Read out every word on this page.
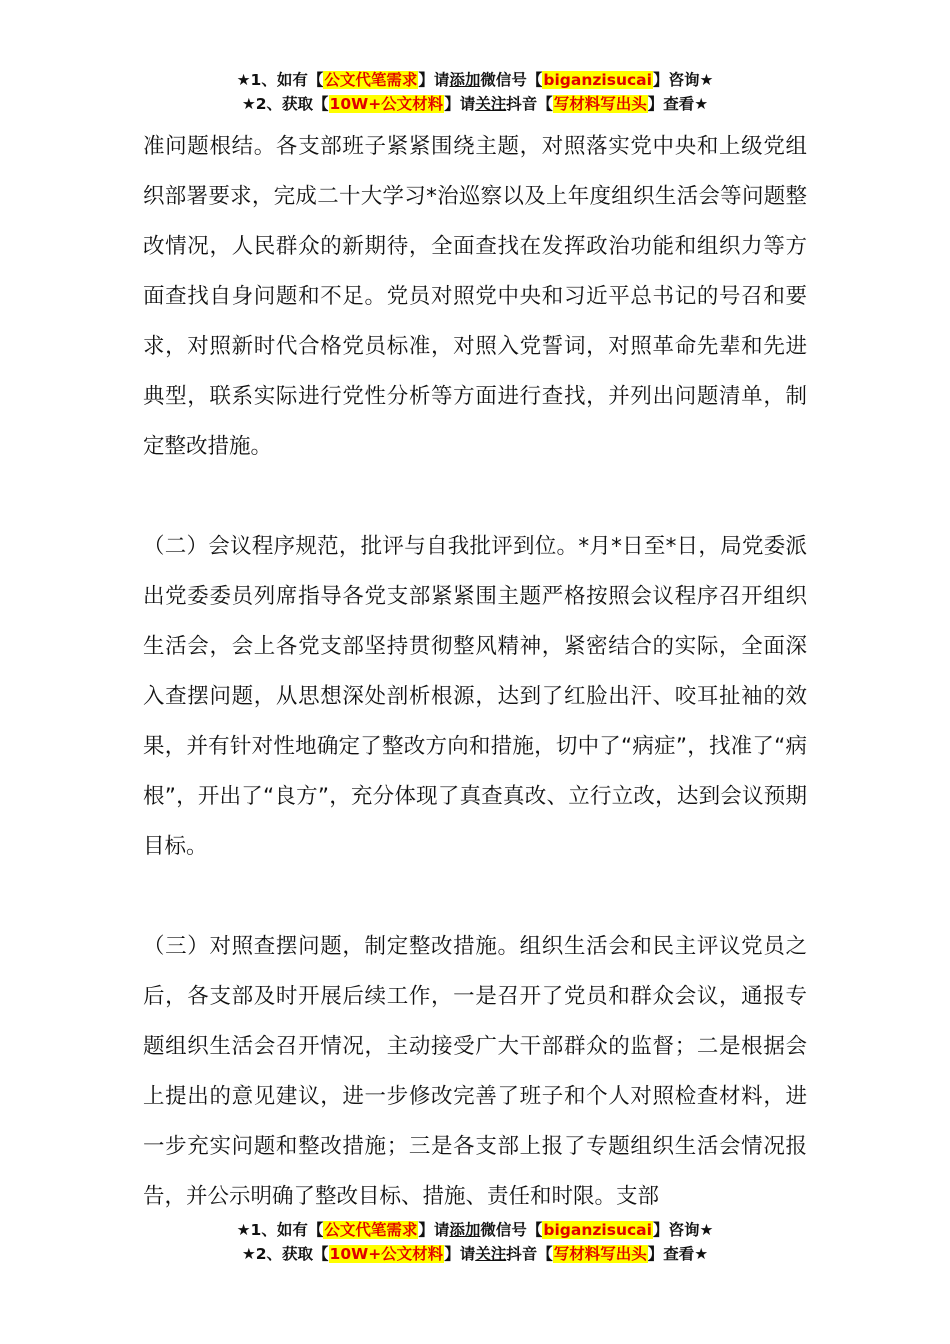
★1、如有【公文代笔需求】请添加微信号【biganzisucai】咨询★
★2、获取【10W+公文材料】请关注抖音【写材料写出头】查看★

准问题根结。各支部班子紧紧围绕主题，对照落实党中央和上级党组织部署要求，完成二十大学习*治巡察以及上年度组织生活会等问题整改情况，人民群众的新期待，全面查找在发挥政治功能和组织力等方面查找自身问题和不足。党员对照党中央和习近平总书记的号召和要求，对照新时代合格党员标准，对照入党誓词，对照革命先辈和先进典型，联系实际进行党性分析等方面进行查找，并列出问题清单，制定整改措施。

（二）会议程序规范，批评与自我批评到位。*月*日至*日，局党委派出党委委员列席指导各党支部紧紧围主题严格按照会议程序召开组织生活会，会上各党支部坚持贯彻整风精神，紧密结合的实际，全面深入查摆问题，从思想深处剖析根源，达到了红脸出汗、咬耳扯袖的效果，并有针对性地确定了整改方向和措施，切中了“病症”，找准了“病根”，开出了“良方”，充分体现了真查真改、立行立改，达到会议预期目标。

（三）对照查摆问题，制定整改措施。组织生活会和民主评议党员之后，各支部及时开展后续工作，一是召开了党员和群众会议，通报专题组织生活会召开情况，主动接受广大干部群众的监督；二是根据会上提出的意见建议，进一步修改完善了班子和个人对照检查材料，进一步充实问题和整改措施；三是各支部上报了专题组织生活会情况报告，并公示明确了整改目标、措施、责任和时限。支部

★1、如有【公文代笔需求】请添加微信号【biganzisucai】咨询★
★2、获取【10W+公文材料】请关注抖音【写材料写出头】查看★
